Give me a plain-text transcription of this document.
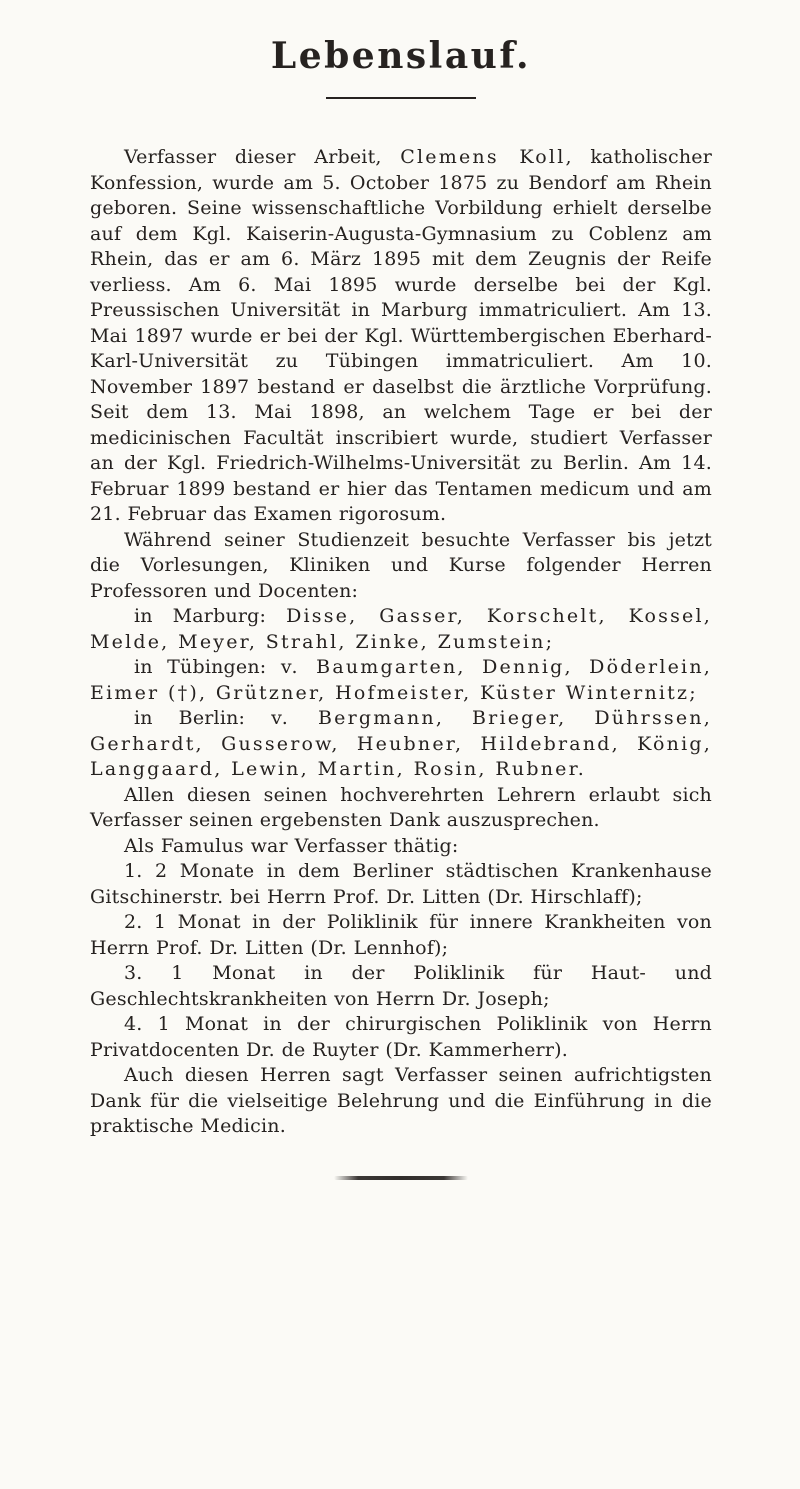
Lebenslauf.

Verfasser dieser Arbeit, Clemens Koll, katholischer Konfession, wurde am 5. October 1875 zu Bendorf am Rhein geboren. Seine wissenschaftliche Vorbildung erhielt derselbe auf dem Kgl. Kaiserin-Augusta-Gymnasium zu Coblenz am Rhein, das er am 6. März 1895 mit dem Zeugnis der Reife verliess. Am 6. Mai 1895 wurde derselbe bei der Kgl. Preussischen Universität in Marburg immatriculiert. Am 13. Mai 1897 wurde er bei der Kgl. Württembergischen Eberhard-Karl-Universität zu Tübingen immatriculiert. Am 10. November 1897 bestand er daselbst die ärztliche Vorprüfung. Seit dem 13. Mai 1898, an welchem Tage er bei der medicinischen Facultät inscribiert wurde, studiert Verfasser an der Kgl. Friedrich-Wilhelms-Universität zu Berlin. Am 14. Februar 1899 bestand er hier das Tentamen medicum und am 21. Februar das Examen rigorosum.

Während seiner Studienzeit besuchte Verfasser bis jetzt die Vorlesungen, Kliniken und Kurse folgender Herren Professoren und Docenten:

in Marburg: Disse, Gasser, Korschelt, Kossel, Melde, Meyer, Strahl, Zinke, Zumstein;

in Tübingen: v. Baumgarten, Dennig, Döderlein, Eimer (†), Grützner, Hofmeister, Küster Winternitz;

in Berlin: v. Bergmann, Brieger, Dührssen, Gerhardt, Gusserow, Heubner, Hildebrand, König, Langgaard, Lewin, Martin, Rosin, Rubner.

Allen diesen seinen hochverehrten Lehrern erlaubt sich Verfasser seinen ergebensten Dank auszusprechen.

Als Famulus war Verfasser thätig:

1. 2 Monate in dem Berliner städtischen Krankenhause Gitschinerstr. bei Herrn Prof. Dr. Litten (Dr. Hirschlaff);

2. 1 Monat in der Poliklinik für innere Krankheiten von Herrn Prof. Dr. Litten (Dr. Lennhof);

3. 1 Monat in der Poliklinik für Haut- und Geschlechtskrankheiten von Herrn Dr. Joseph;

4. 1 Monat in der chirurgischen Poliklinik von Herrn Privatdocenten Dr. de Ruyter (Dr. Kammerherr).

Auch diesen Herren sagt Verfasser seinen aufrichtigsten Dank für die vielseitige Belehrung und die Einführung in die praktische Medicin.
